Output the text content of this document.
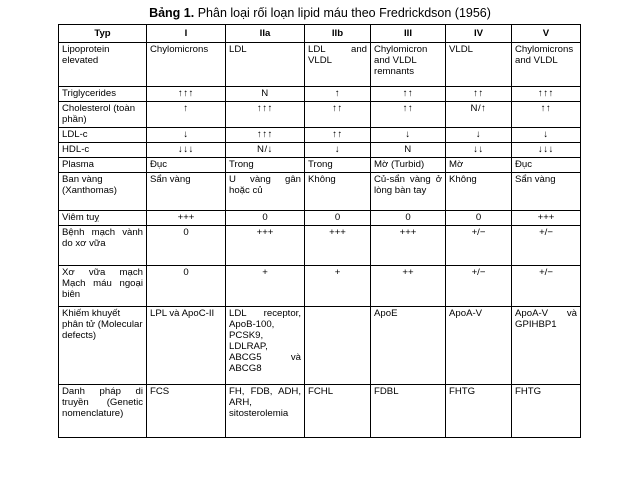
Bảng 1. Phân loại rối loạn lipid máu theo Fredrickdson (1956)
Typ	I	IIa	IIb	III	IV	V
Lipoprotein elevated	Chylomicrons	LDL	LDL and VLDL	Chylomicron and VLDL remnants	VLDL	Chylomicrons and VLDL
Triglycerides	↑↑↑	N	↑	↑↑	↑↑	↑↑↑
Cholesterol (toàn phần)	↑	↑↑↑	↑↑	↑↑	N/↑	↑↑
LDL-c	↓	↑↑↑	↑↑	↓	↓	↓
HDL-c	↓↓↓	N/↓	↓	N	↓↓	↓↓↓
Plasma	Đục	Trong	Trong	Mờ (Turbid)	Mờ	Đục
Ban vàng (Xanthomas)	Sẩn vàng	U vàng gân hoặc củ	Không	Củ-sẩn vàng ở lòng bàn tay	Không	Sẩn vàng
Viêm tuỵ	+++	0	0	0	0	+++
Bệnh mạch vành do xơ vữa	0	+++	+++	+++	+/−	+/−
Xơ vữa mạch Mạch máu ngoại biên	0	+	+	++	+/−	+/−
Khiếm khuyết phân tử (Molecular defects)	LPL và ApoC-II	LDL receptor, ApoB-100, PCSK9, LDLRAP, ABCG5 và ABCG8		ApoE	ApoA-V	ApoA-V và GPIHBP1
Danh pháp di truyền (Genetic nomenclature)	FCS	FH, FDB, ADH, ARH, sitosterolemia	FCHL	FDBL	FHTG	FHTG
